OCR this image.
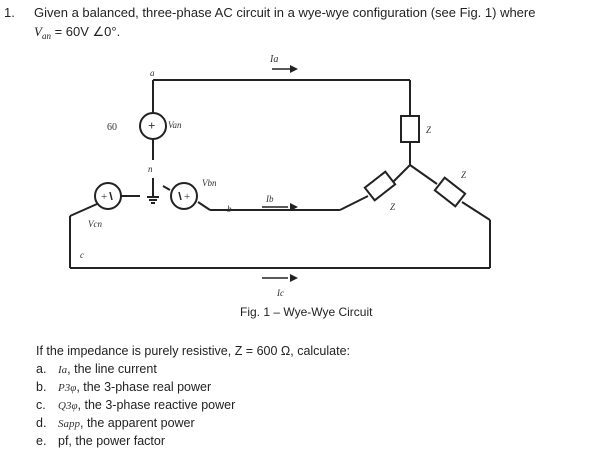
1. Given a balanced, three-phase AC circuit in a wye-wye configuration (see Fig. 1) where
$V_{an} = 60V$ ∠0°.
+
+	+
a
n
b
c
60	Van
Vbn
Vcn
Ia
Ib
Ic
Z
Z
Z
Fig. 1 – Wye-Wye Circuit
If the impedance is purely resistive, Z = 600 Ω, calculate:
a. Ia, the line current
b. P3φ, the 3-phase real power
c. Q3φ, the 3-phase reactive power
d. Sapp, the apparent power
e. pf, the power factor
